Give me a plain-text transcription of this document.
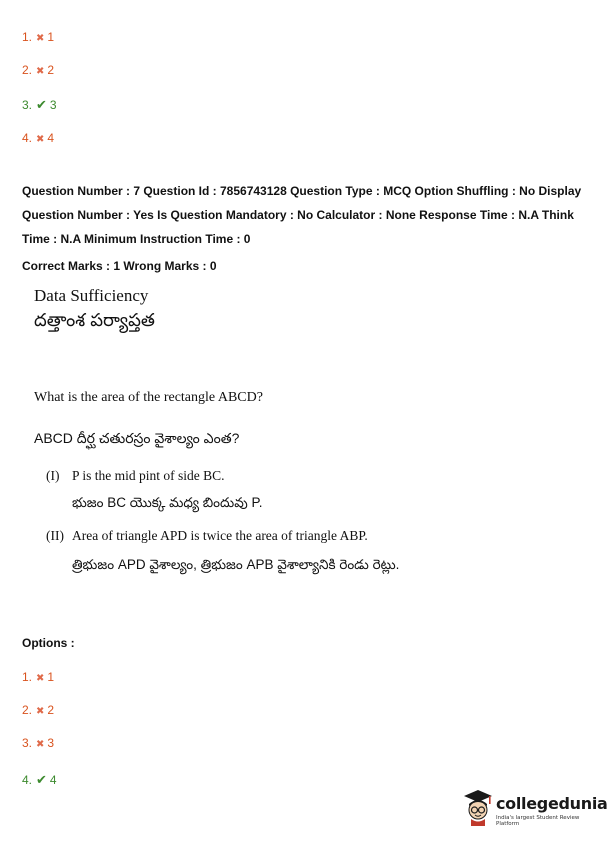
1. ✖ 1
2. ✖ 2
3. ✔ 3
4. ✖ 4
Question Number : 7 Question Id : 7856743128 Question Type : MCQ Option Shuffling : No Display Question Number : Yes Is Question Mandatory : No Calculator : None Response Time : N.A Think Time : N.A Minimum Instruction Time : 0
Correct Marks : 1 Wrong Marks : 0
Data Sufficiency
దత్తాంశ పర్యాప్తత
What is the area of the rectangle ABCD?
ABCD దీర్ఘ చతురస్రం వైశాల్యం ఎంత?
(I) P is the mid pint of side BC.
భుజం BC యొక్క మధ్య బిందువు P.
(II) Area of triangle APD is twice the area of triangle ABP.
త్రిభుజం APD వైశాల్యం, త్రిభుజం APB వైశాల్యానికి రెండు రెట్లు.
Options :
1. ✖ 1
2. ✖ 2
3. ✖ 3
4. ✔ 4
collegedunia
India's largest Student Review Platform
